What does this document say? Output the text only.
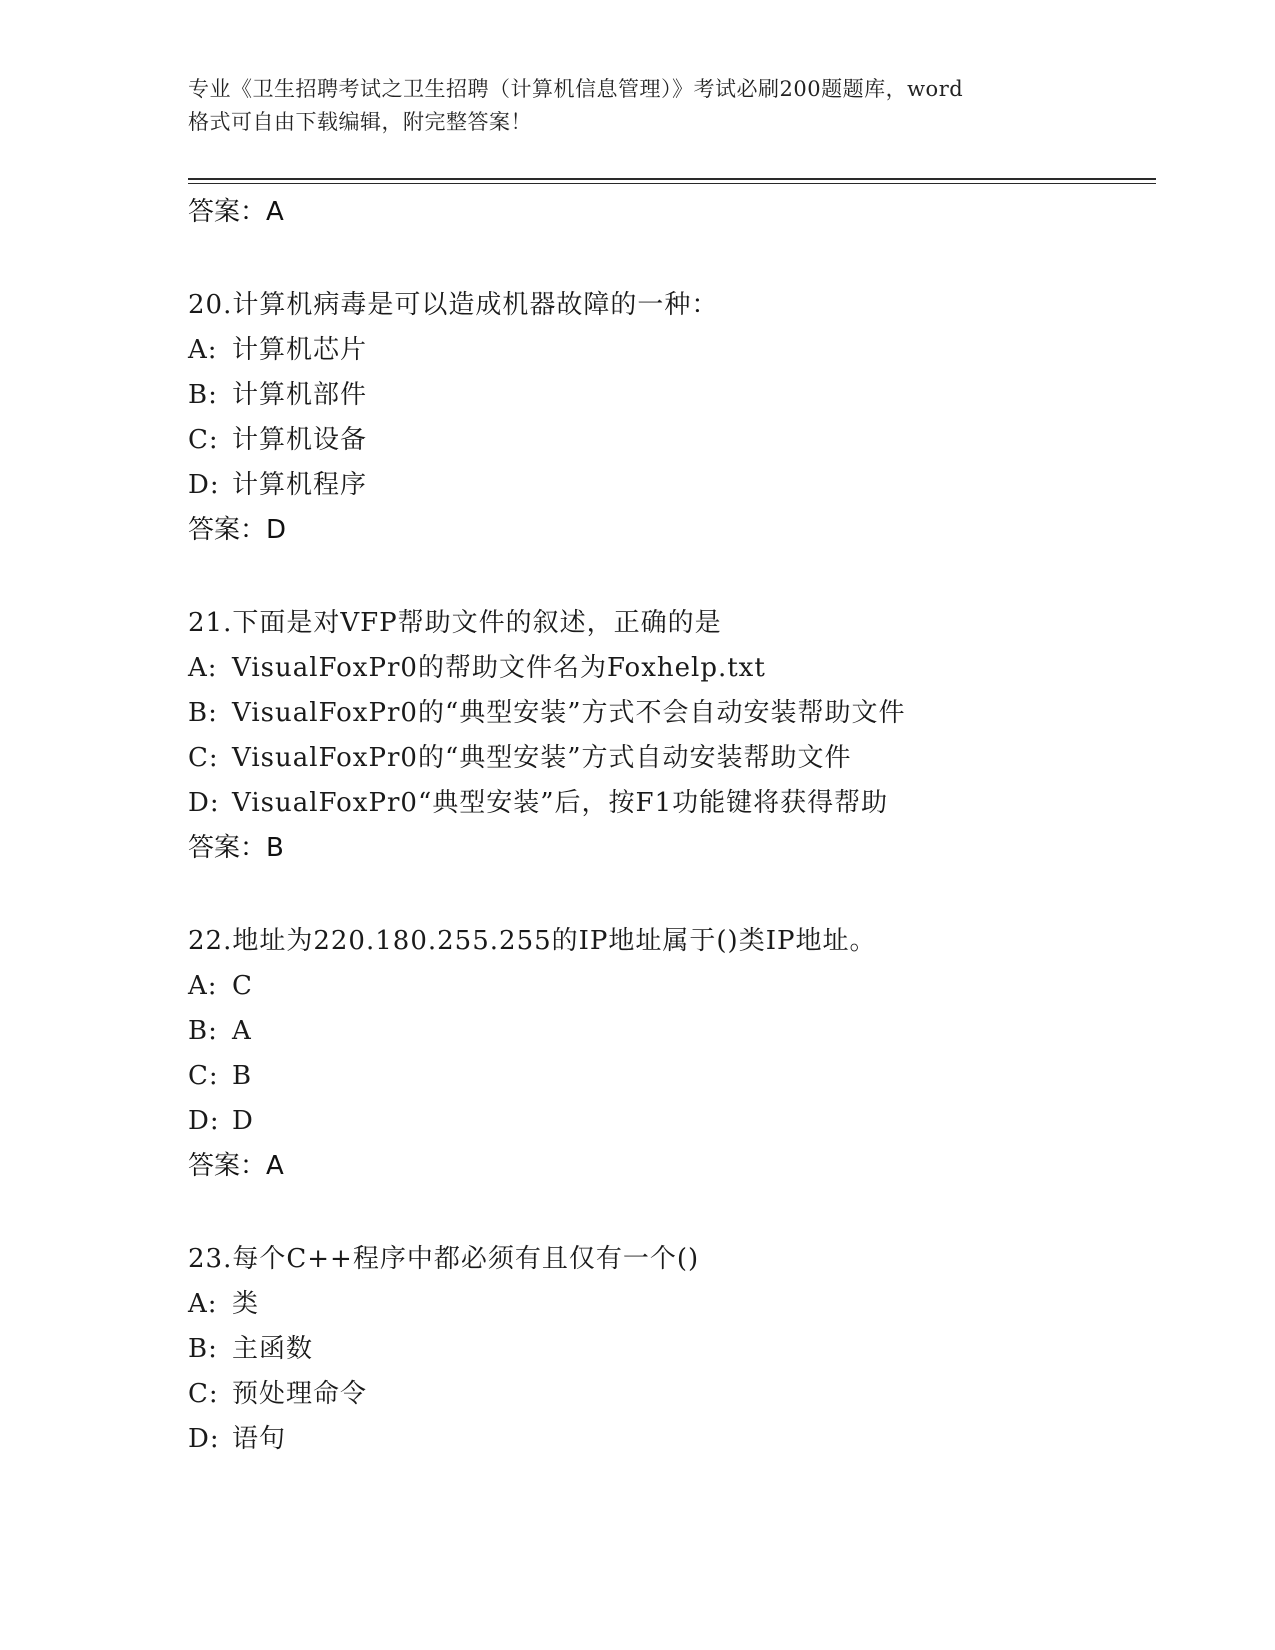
专业《卫生招聘考试之卫生招聘（计算机信息管理）》考试必刷200题题库，word
格式可自由下载编辑，附完整答案！
答案：A
20.计算机病毒是可以造成机器故障的一种：
A: 计算机芯片
B: 计算机部件
C: 计算机设备
D: 计算机程序
答案：D
21.下面是对VFP帮助文件的叙述，正确的是
A: VisualFoxPr0的帮助文件名为Foxhelp.txt
B: VisualFoxPr0的“典型安装”方式不会自动安装帮助文件
C: VisualFoxPr0的“典型安装”方式自动安装帮助文件
D: VisualFoxPr0“典型安装”后，按F1功能键将获得帮助
答案：B
22.地址为220.180.255.255的IP地址属于()类IP地址。
A: C
B: A
C: B
D: D
答案：A
23.每个C++程序中都必须有且仅有一个()
A: 类
B: 主函数
C: 预处理命令
D: 语句
